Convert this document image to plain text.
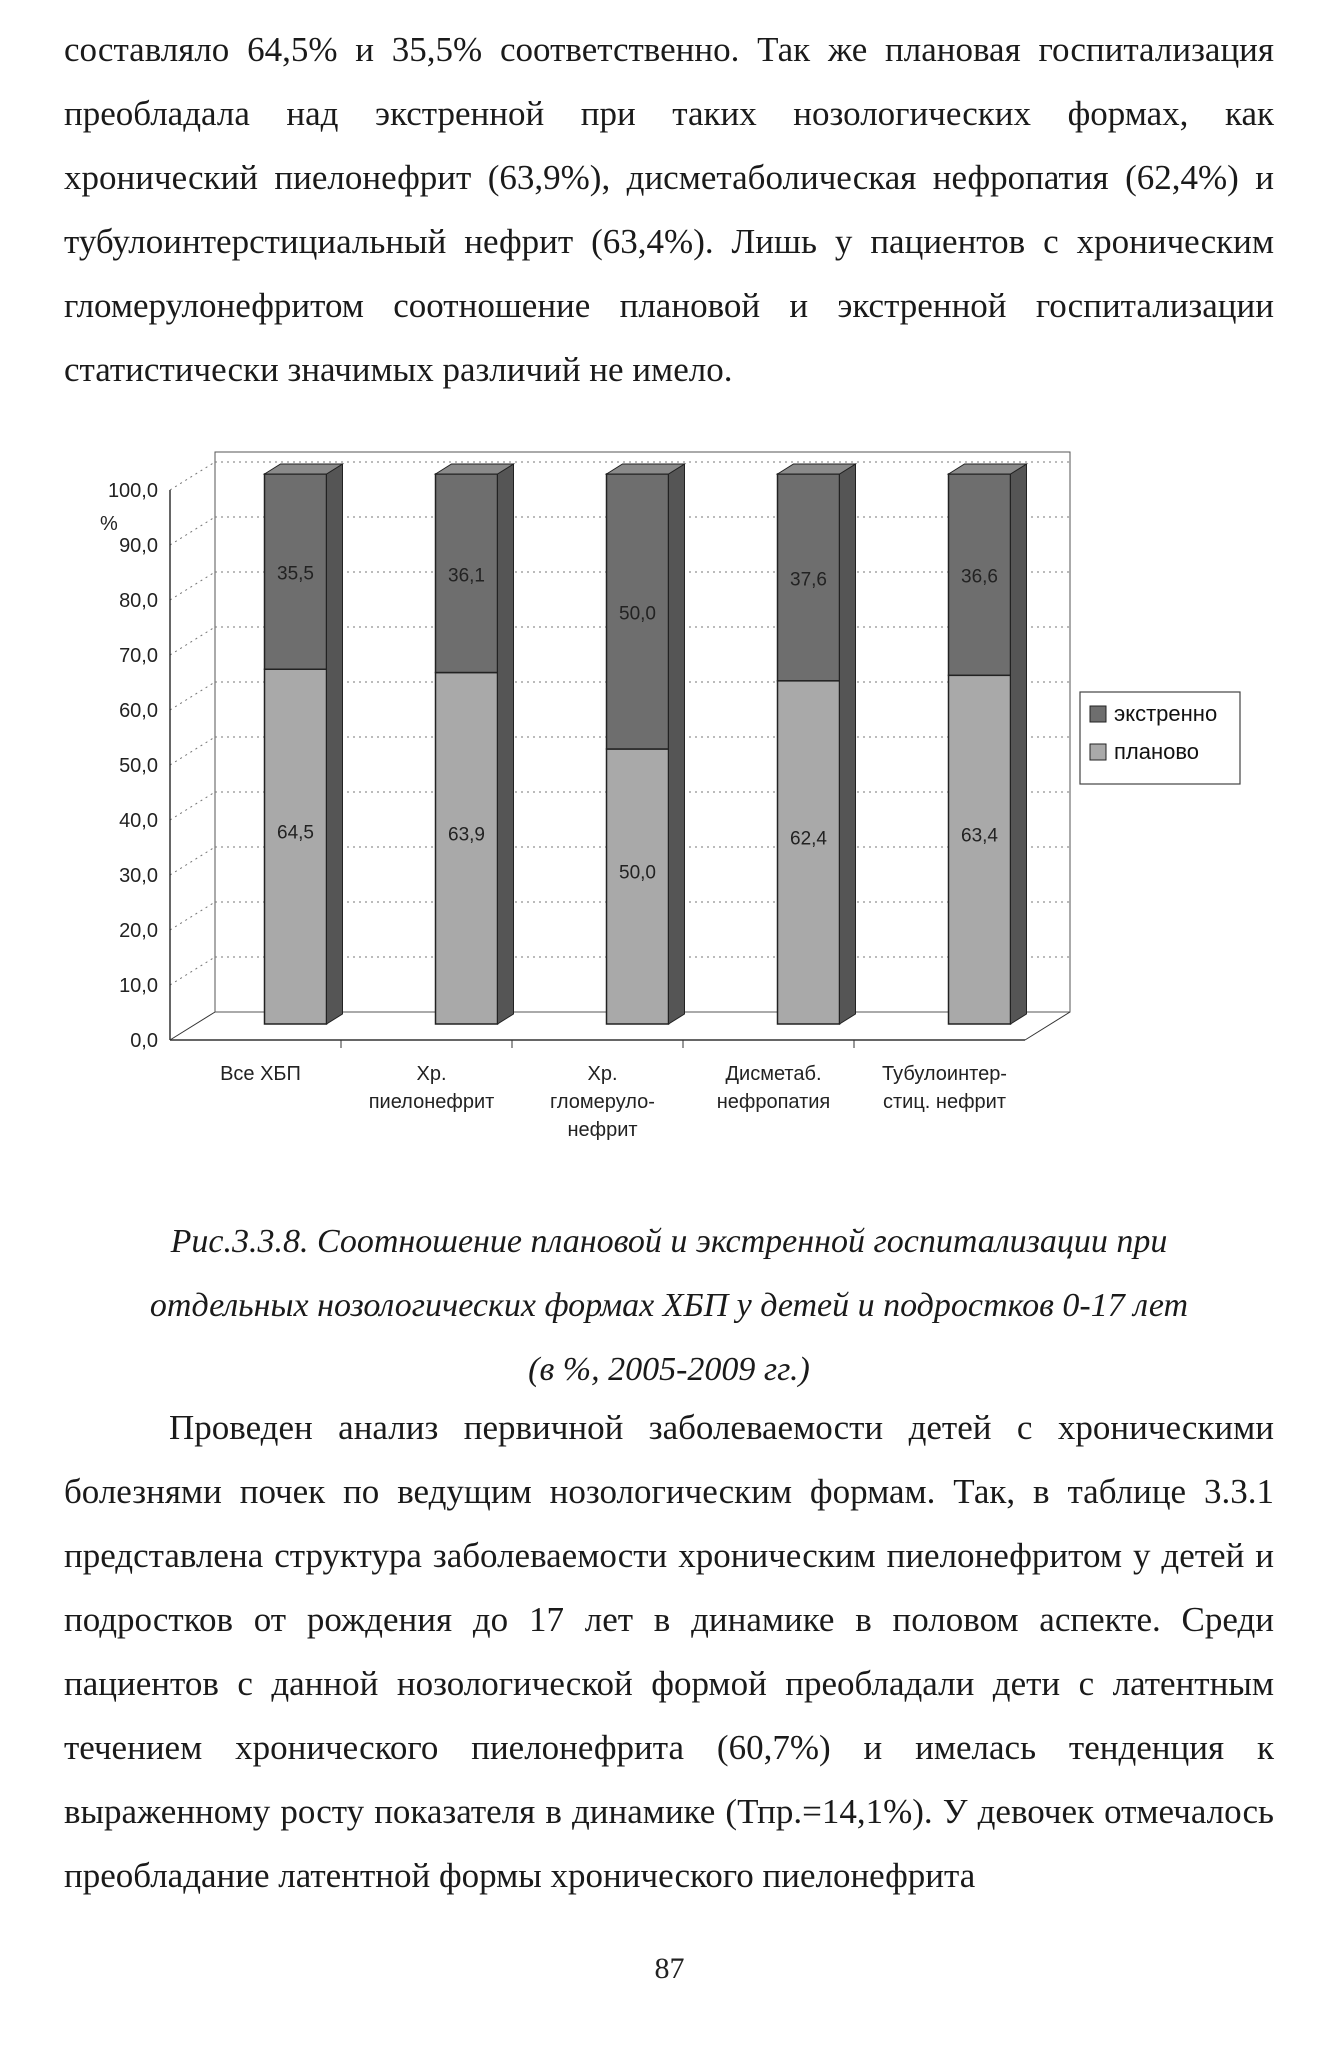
составляло 64,5% и 35,5% соответственно. Так же плановая госпитализация преобладала над экстренной при таких нозологических формах, как хронический пиелонефрит (63,9%), дисметаболическая нефропатия (62,4%) и тубулоинтерстициальный нефрит (63,4%). Лишь у пациентов с хроническим гломерулонефритом соотношение плановой и экстренной госпитализации статистически значимых различий не имело.

0,0
10,0
20,0
30,0
40,0
50,0
60,0
70,0
80,0
90,0
100,0
%
64,5
35,5
Все ХБП
63,9
36,1
Хр.
пиелонефрит
50,0
50,0
Хр.
гломеруло-
нефрит
62,4
37,6
Дисметаб.
нефропатия
63,4
36,6
Тубулоинтер-
стиц. нефрит
экстренно
планово
Рис.3.3.8. Соотношение плановой и экстренной госпитализации при
отдельных нозологических формах ХБП у детей и подростков 0-17 лет
(в %, 2005-2009 гг.)

Проведен анализ первичной заболеваемости детей с хроническими болезнями почек по ведущим нозологическим формам. Так, в таблице 3.3.1 представлена структура заболеваемости хроническим пиелонефритом у детей и подростков от рождения до 17 лет в динамике в половом аспекте. Среди пациентов с данной нозологической формой преобладали дети с латентным течением хронического пиелонефрита (60,7%) и имелась тенденция к выраженному росту показателя в динамике (Тпр.=14,1%). У девочек отмечалось преобладание латентной формы хронического пиелонефрита

87
